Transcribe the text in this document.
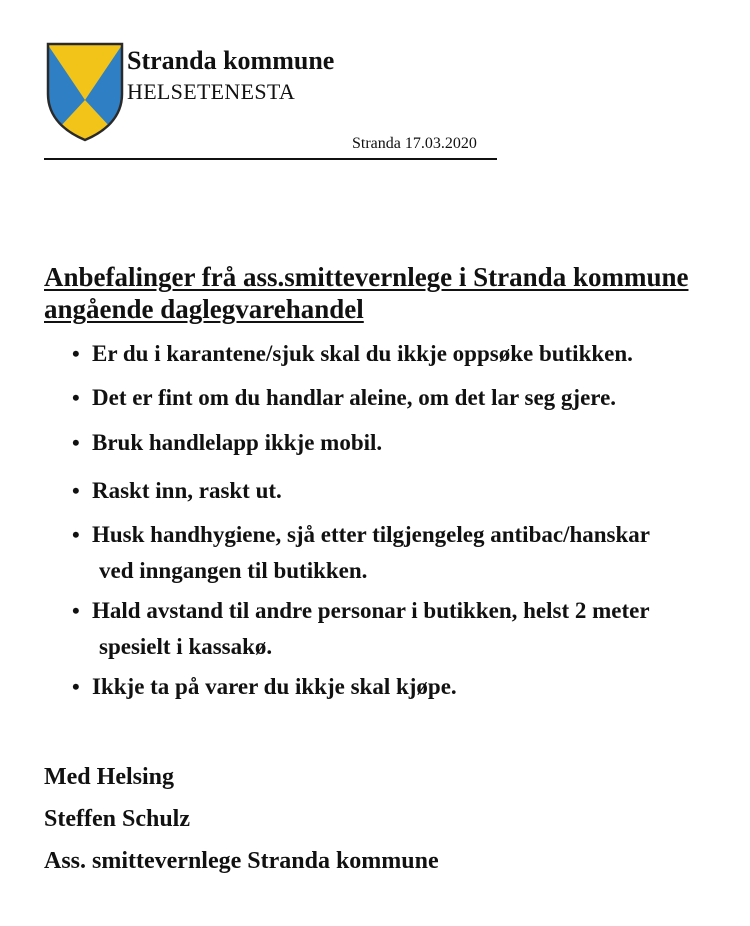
Stranda kommune
HELSETENESTA
Stranda 17.03.2020
Anbefalinger frå ass.smittevernlege i Stranda kommune
angående daglegvarehandel
• Er du i karantene/sjuk skal du ikkje oppsøke butikken.
• Det er fint om du handlar aleine, om det lar seg gjere.
• Bruk handlelapp ikkje mobil.
• Raskt inn, raskt ut.
• Husk handhygiene, sjå etter tilgjengeleg antibac/hanskar
ved inngangen til butikken.
• Hald avstand til andre personar i butikken, helst 2 meter
spesielt i kassakø.
• Ikkje ta på varer du ikkje skal kjøpe.
Med Helsing
Steffen Schulz
Ass. smittevernlege Stranda kommune
